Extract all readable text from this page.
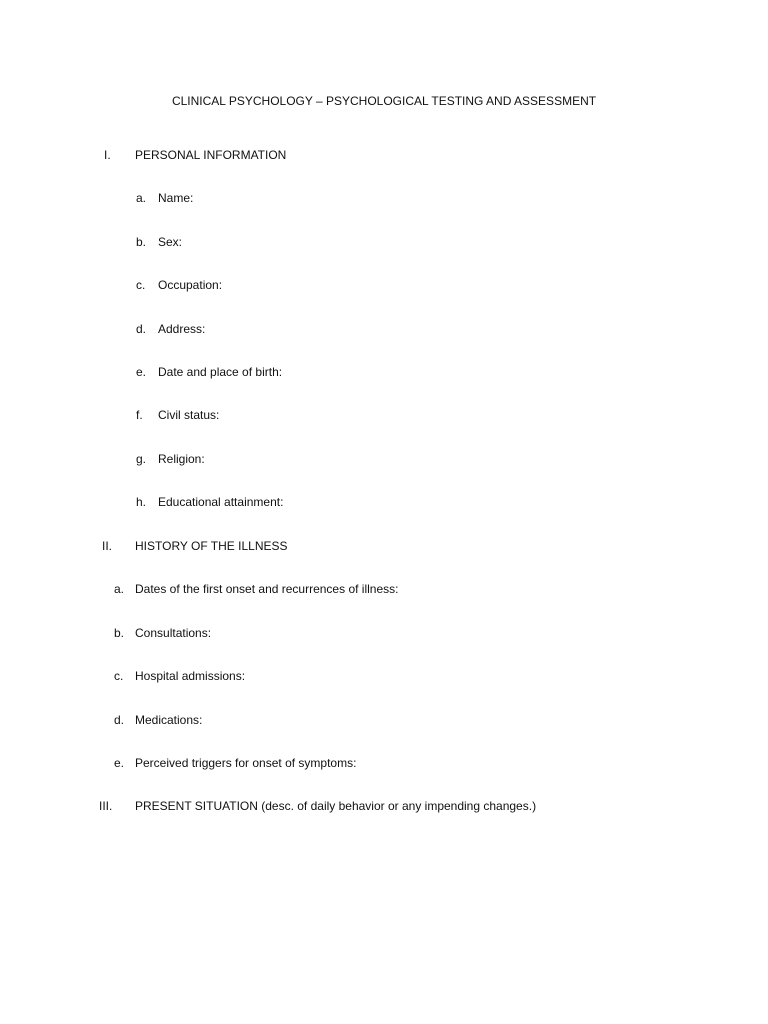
CLINICAL PSYCHOLOGY – PSYCHOLOGICAL TESTING AND ASSESSMENT
I. PERSONAL INFORMATION
a. Name:
b. Sex:
c. Occupation:
d. Address:
e. Date and place of birth:
f. Civil status:
g. Religion:
h. Educational attainment:
II. HISTORY OF THE ILLNESS
a. Dates of the first onset and recurrences of illness:
b. Consultations:
c. Hospital admissions:
d. Medications:
e. Perceived triggers for onset of symptoms:
III. PRESENT SITUATION (desc. of daily behavior or any impending changes.)
